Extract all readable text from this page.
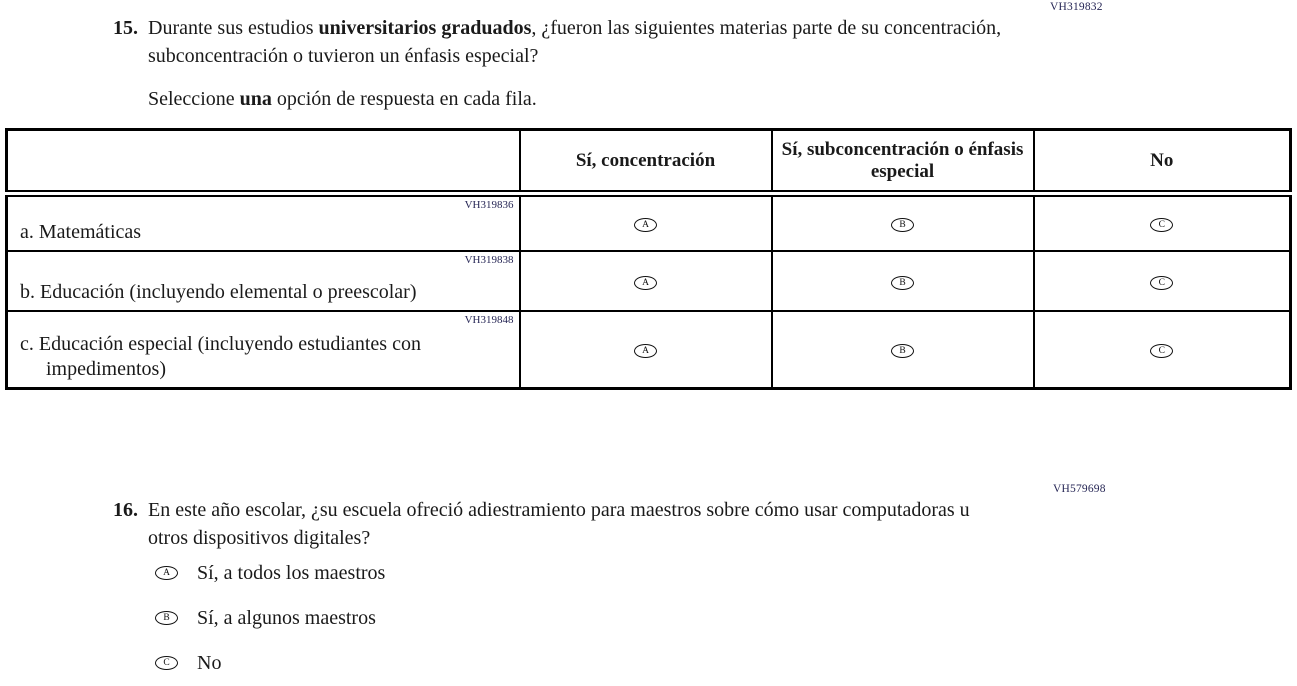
VH319832
15. Durante sus estudios universitarios graduados, ¿fueron las siguientes materias parte de su concentración, subconcentración o tuvieron un énfasis especial?

Seleccione una opción de respuesta en cada fila.

	Sí, concentración	Sí, subconcentración o énfasis especial	No

VH319836
a. Matemáticas	A	B	C

VH319838
b. Educación (incluyendo elemental o preescolar)	A	B	C

VH319848
c. Educación especial (incluyendo estudiantes con impedimentos)	A	B	C
VH579698
16. En este año escolar, ¿su escuela ofreció adiestramiento para maestros sobre cómo usar computadoras u otros dispositivos digitales?

A Sí, a todos los maestros
B Sí, a algunos maestros
C No
